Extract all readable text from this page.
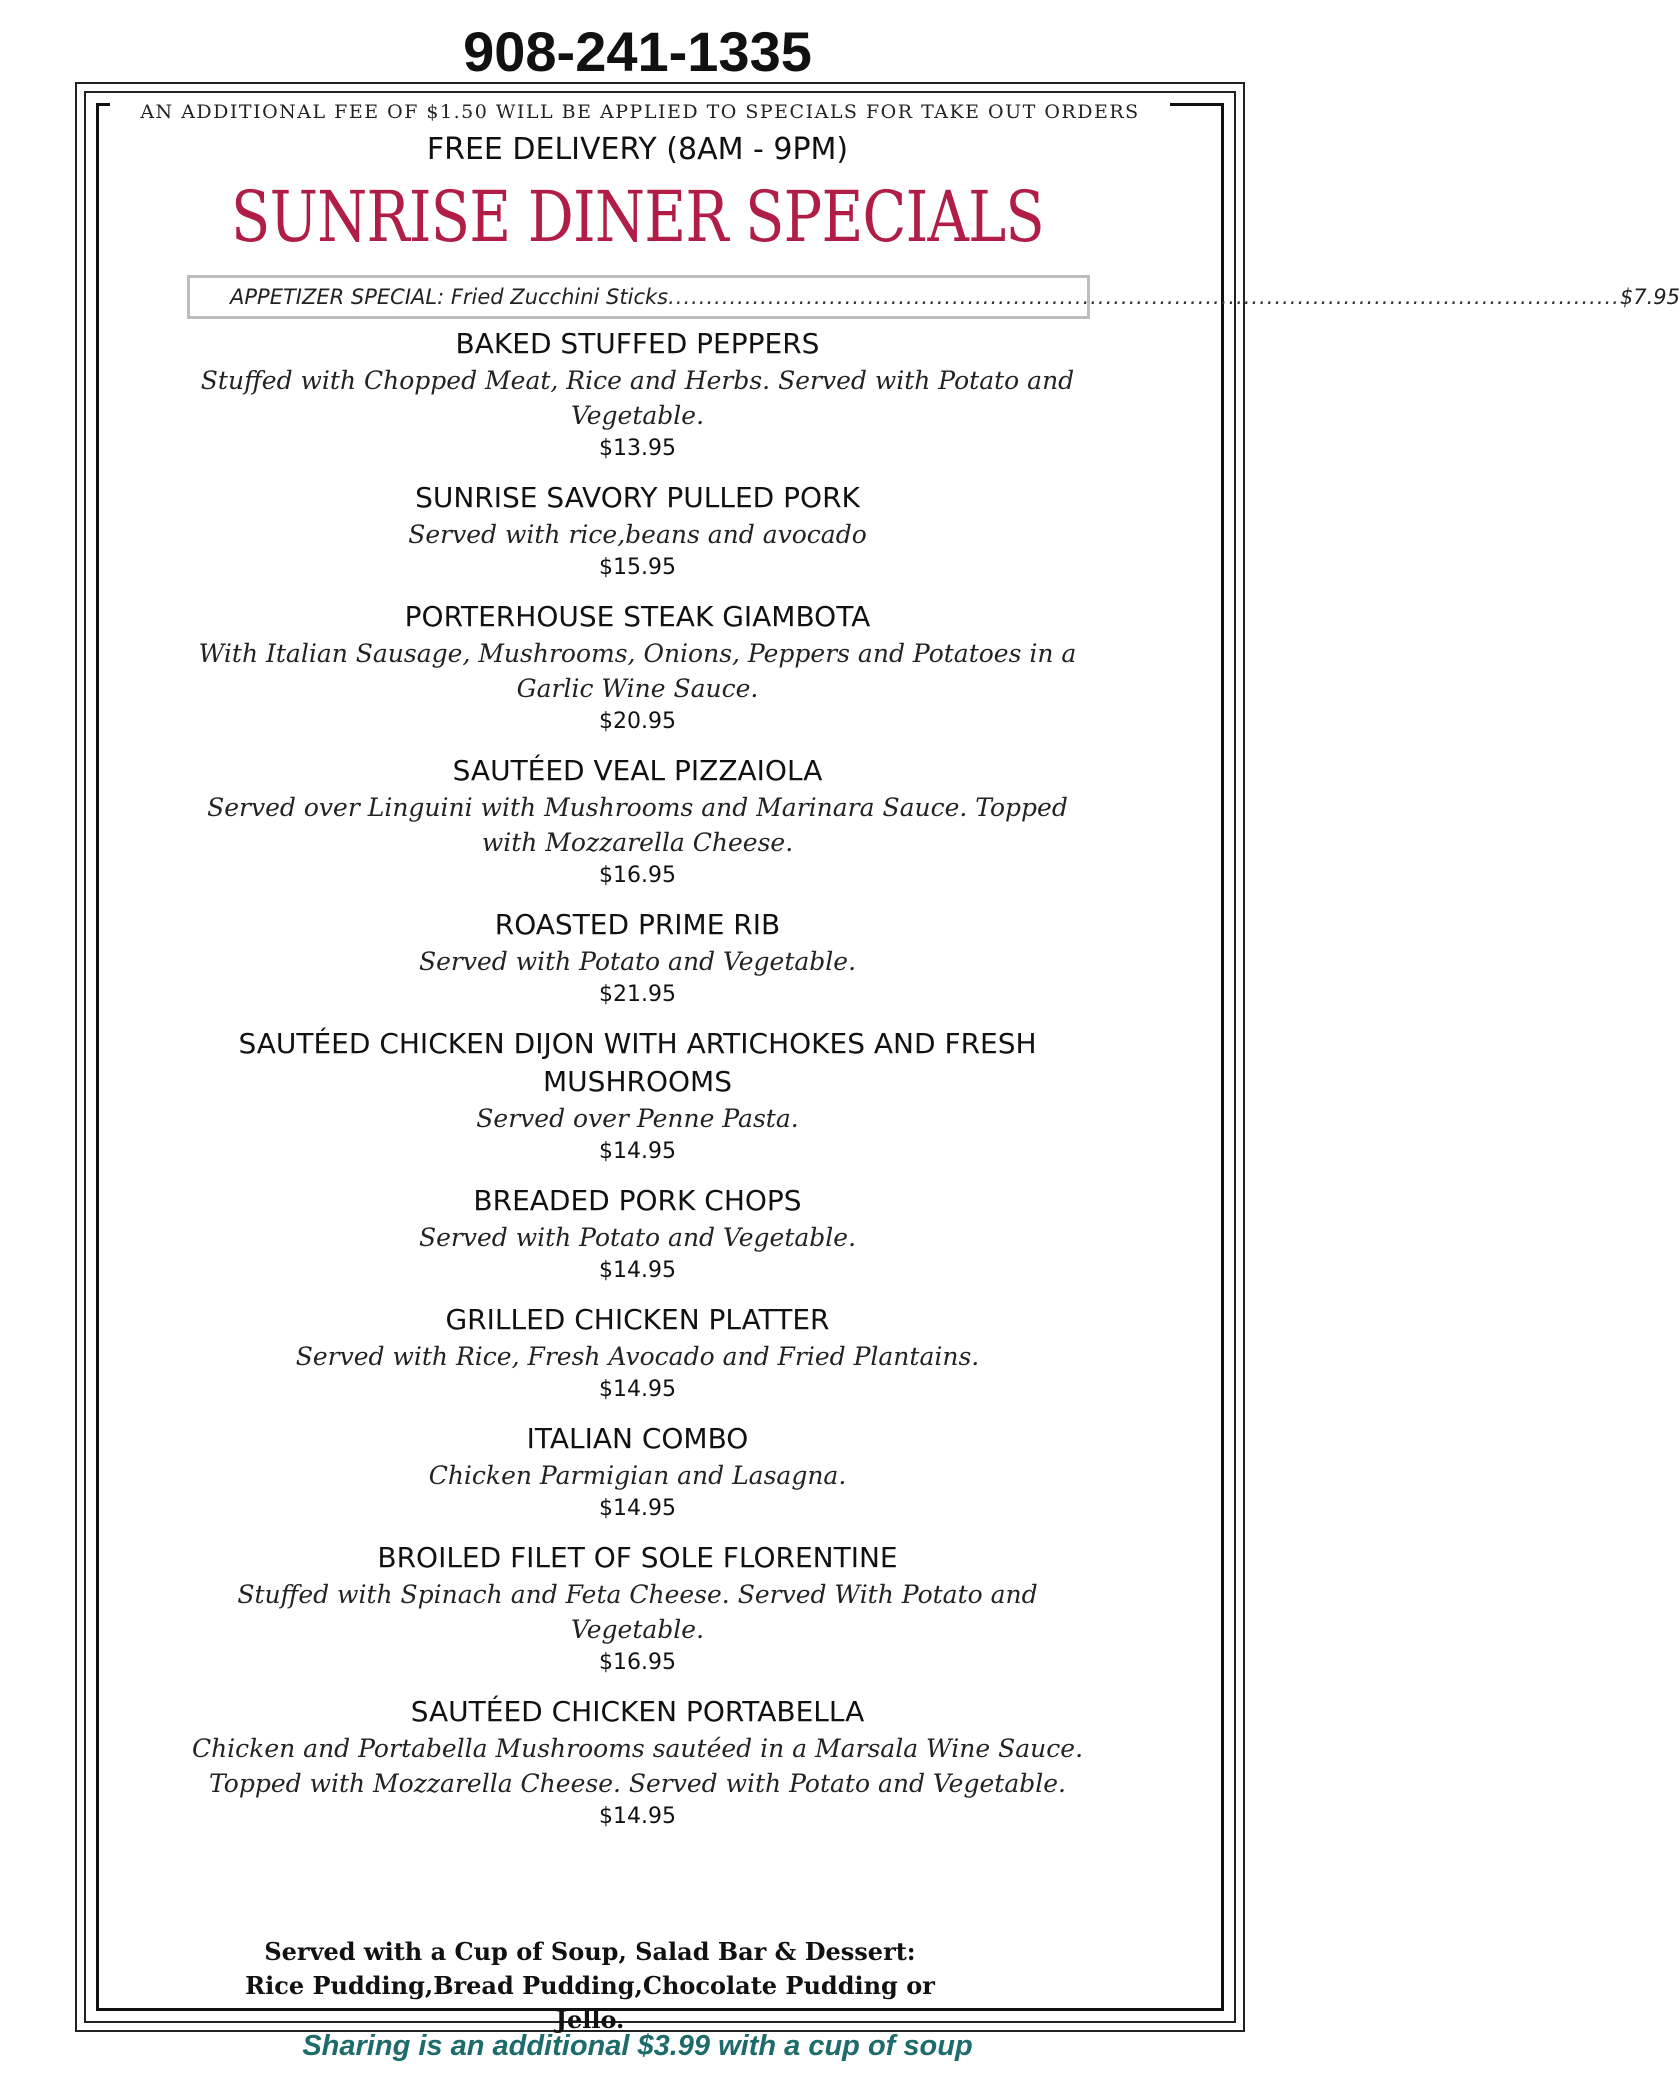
908-241-1335
AN ADDITIONAL FEE OF $1.50 WILL BE APPLIED TO SPECIALS FOR TAKE OUT ORDERS
FREE DELIVERY (8AM - 9PM)
SUNRISE DINER SPECIALS
APPETIZER SPECIAL: Fried Zucchini Sticks ............................................................................................................................ $7.95
BAKED STUFFED PEPPERS
Stuffed with Chopped Meat, Rice and Herbs. Served with Potato and Vegetable.
$13.95
SUNRISE SAVORY PULLED PORK
Served with rice,beans and avocado
$15.95
PORTERHOUSE STEAK GIAMBOTA
With Italian Sausage, Mushrooms, Onions, Peppers and Potatoes in a Garlic Wine Sauce.
$20.95
SAUTÉED VEAL PIZZAIOLA
Served over Linguini with Mushrooms and Marinara Sauce. Topped with Mozzarella Cheese.
$16.95
ROASTED PRIME RIB
Served with Potato and Vegetable.
$21.95
SAUTÉED CHICKEN DIJON WITH ARTICHOKES AND FRESH MUSHROOMS
Served over Penne Pasta.
$14.95
BREADED PORK CHOPS
Served with Potato and Vegetable.
$14.95
GRILLED CHICKEN PLATTER
Served with Rice, Fresh Avocado and Fried Plantains.
$14.95
ITALIAN COMBO
Chicken Parmigian and Lasagna.
$14.95
BROILED FILET OF SOLE FLORENTINE
Stuffed with Spinach and Feta Cheese. Served With Potato and Vegetable.
$16.95
SAUTÉED CHICKEN PORTABELLA
Chicken and Portabella Mushrooms sautéed in a Marsala Wine Sauce. Topped with Mozzarella Cheese. Served with Potato and Vegetable.
$14.95
Served with a Cup of Soup, Salad Bar & Dessert:
Rice Pudding,Bread Pudding,Chocolate Pudding or Jello.
Sharing is an additional $3.99 with a cup of soup
